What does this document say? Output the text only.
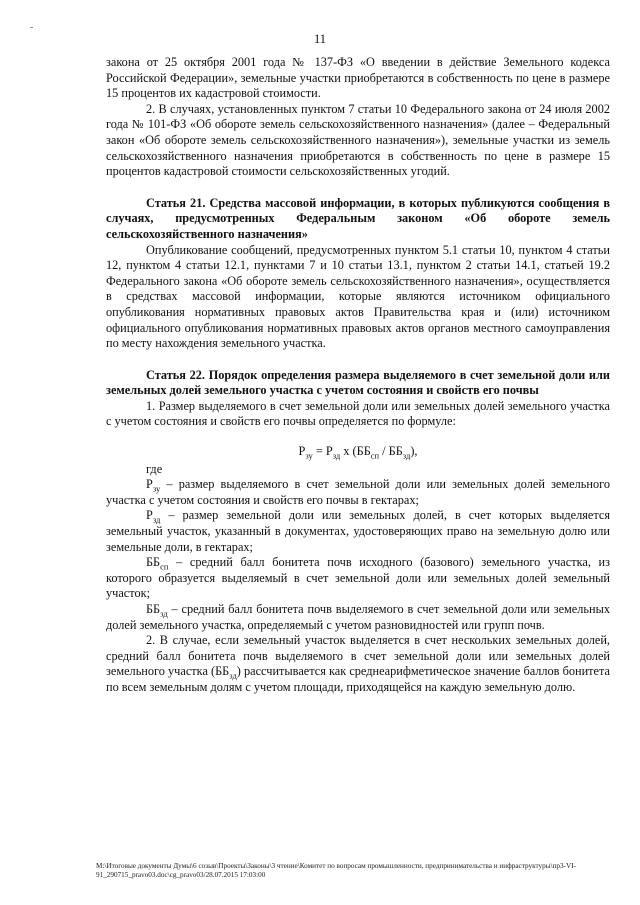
-
11

закона от 25 октября 2001 года № 137-ФЗ «О введении в действие Земельного кодекса Российской Федерации», земельные участки приобретаются в собственность по цене в размере 15 процентов их кадастровой стоимости.

2. В случаях, установленных пунктом 7 статьи 10 Федерального закона от 24 июля 2002 года № 101-ФЗ «Об обороте земель сельскохозяйственного назначения» (далее – Федеральный закон «Об обороте земель сельскохозяйственного назначения»), земельные участки из земель сельскохозяйственного назначения приобретаются в собственность по цене в размере 15 процентов кадастровой стоимости сельскохозяйственных угодий.

Статья 21. Средства массовой информации, в которых публикуются сообщения в случаях, предусмотренных Федеральным законом «Об обороте земель сельскохозяйственного назначения»

Опубликование сообщений, предусмотренных пунктом 5.1 статьи 10, пунктом 4 статьи 12, пунктом 4 статьи 12.1, пунктами 7 и 10 статьи 13.1, пунктом 2 статьи 14.1, статьей 19.2 Федерального закона «Об обороте земель сельскохозяйственного назначения», осуществляется в средствах массовой информации, которые являются источником официального опубликования нормативных правовых актов Правительства края и (или) источником официального опубликования нормативных правовых актов органов местного самоуправления по месту нахождения земельного участка.

Статья 22. Порядок определения размера выделяемого в счет земельной доли или земельных долей земельного участка с учетом состояния и свойств его почвы

1. Размер выделяемого в счет земельной доли или земельных долей земельного участка с учетом состояния и свойств его почвы определяется по формуле:

$Р_{зу} = Р_{зд}$ х $(ББ_{сп} / ББ_{зд})$,

где

$Р_{зу}$ – размер выделяемого в счет земельной доли или земельных долей земельного участка с учетом состояния и свойств его почвы в гектарах;

$Р_{зд}$ – размер земельной доли или земельных долей, в счет которых выделяется земельный участок, указанный в документах, удостоверяющих право на земельную долю или земельные доли, в гектарах;

$ББ_{сп}$ – средний балл бонитета почв исходного (базового) земельного участка, из которого образуется выделяемый в счет земельной доли или земельных долей земельный участок;

$ББ_{зд}$ – средний балл бонитета почв выделяемого в счет земельной доли или земельных долей земельного участка, определяемый с учетом разновидностей или групп почв.

2. В случае, если земельный участок выделяется в счет нескольких земельных долей, средний балл бонитета почв выделяемого в счет земельной доли или земельных долей земельного участка $(ББ_{зд})$ рассчитывается как среднеарифметическое значение баллов бонитета по всем земельным долям с учетом площади, приходящейся на каждую земельную долю.

М:\Итоговые документы Думы\6 созыв\Проекты\Законы\3 чтение\Комитет по вопросам промышленности, предпринимательства и инфраструктуры\пр3-VI-91_290715_pravo03.doc\cg_pravo03/28.07.2015 17:03:00
